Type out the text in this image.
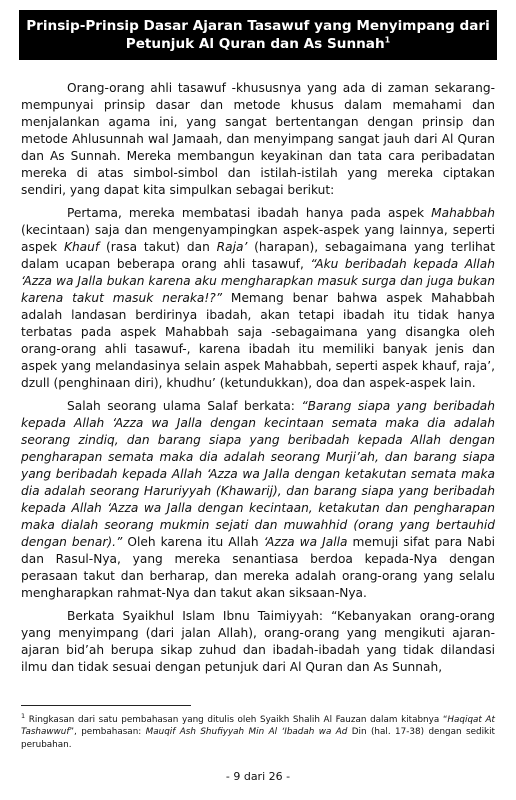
Prinsip-Prinsip Dasar Ajaran Tasawuf yang Menyimpang dari
Petunjuk Al Quran dan As Sunnah$^1$

Orang-orang ahli tasawuf -khususnya yang ada di zaman sekarang- mempunyai prinsip dasar dan metode khusus dalam memahami dan menjalankan agama ini, yang sangat bertentangan dengan prinsip dan metode Ahlusunnah wal Jamaah, dan menyimpang sangat jauh dari Al Quran dan As Sunnah. Mereka membangun keyakinan dan tata cara peribadatan mereka di atas simbol-simbol dan istilah-istilah yang mereka ciptakan sendiri, yang dapat kita simpulkan sebagai berikut:

Pertama, mereka membatasi ibadah hanya pada aspek Mahabbah (kecintaan) saja dan mengenyampingkan aspek-aspek yang lainnya, seperti aspek Khauf (rasa takut) dan Raja’ (harapan), sebagaimana yang terlihat dalam ucapan beberapa orang ahli tasawuf, “Aku beribadah kepada Allah ‘Azza wa Jalla bukan karena aku mengharapkan masuk surga dan juga bukan karena takut masuk neraka!?” Memang benar bahwa aspek Mahabbah adalah landasan berdirinya ibadah, akan tetapi ibadah itu tidak hanya terbatas pada aspek Mahabbah saja -sebagaimana yang disangka oleh orang-orang ahli tasawuf-, karena ibadah itu memiliki banyak jenis dan aspek yang melandasinya selain aspek Mahabbah, seperti aspek khauf, raja’, dzull (penghinaan diri), khudhu’ (ketundukkan), doa dan aspek-aspek lain.

Salah seorang ulama Salaf berkata: “Barang siapa yang beribadah kepada Allah ‘Azza wa Jalla dengan kecintaan semata maka dia adalah seorang zindiq, dan barang siapa yang beribadah kepada Allah dengan pengharapan semata maka dia adalah seorang Murji’ah, dan barang siapa yang beribadah kepada Allah ‘Azza wa Jalla dengan ketakutan semata maka dia adalah seorang Haruriyyah (Khawarij), dan barang siapa yang beribadah kepada Allah ‘Azza wa Jalla dengan kecintaan, ketakutan dan pengharapan maka dialah seorang mukmin sejati dan muwahhid (orang yang bertauhid dengan benar).” Oleh karena itu Allah ‘Azza wa Jalla memuji sifat para Nabi dan Rasul-Nya, yang mereka senantiasa berdoa kepada-Nya dengan perasaan takut dan berharap, dan mereka adalah orang-orang yang selalu mengharapkan rahmat-Nya dan takut akan siksaan-Nya.

Berkata Syaikhul Islam Ibnu Taimiyyah: “Kebanyakan orang-orang yang menyimpang (dari jalan Allah), orang-orang yang mengikuti ajaran-ajaran bid’ah berupa sikap zuhud dan ibadah-ibadah yang tidak dilandasi ilmu dan tidak sesuai dengan petunjuk dari Al Quran dan As Sunnah,

$^1$ Ringkasan dari satu pembahasan yang ditulis oleh Syaikh Shalih Al Fauzan dalam kitabnya “Haqiqat At Tashawwuf”, pembahasan: Mauqif Ash Shufiyyah Min Al ‘Ibadah wa Ad Din (hal. 17-38) dengan sedikit perubahan.
- 9 dari 26 -
